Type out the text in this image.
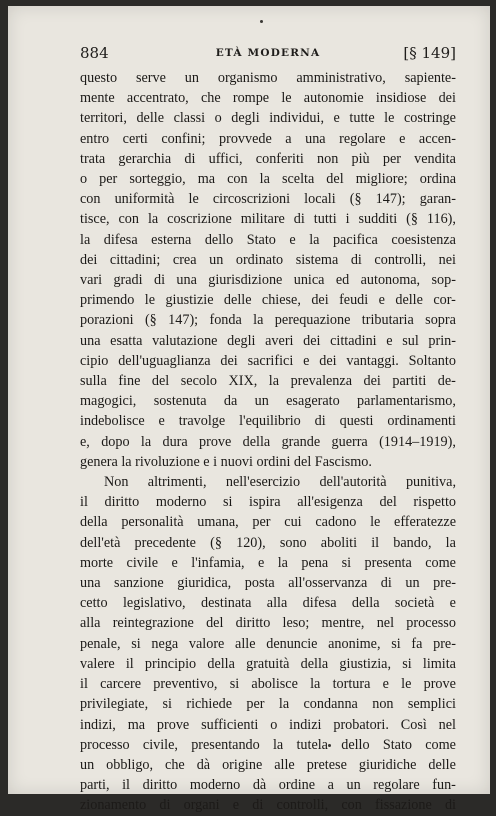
884	ETÀ MODERNA	[§ 149]
questo serve un organismo amministrativo, sapiente-
mente accentrato, che rompe le autonomie insidiose dei
territori, delle classi o degli individui, e tutte le costringe
entro certi confini; provvede a una regolare e accen-
trata gerarchia di uffici, conferiti non più per vendita
o per sorteggio, ma con la scelta del migliore; ordina
con uniformità le circoscrizioni locali (§ 147); garan-
tisce, con la coscrizione militare di tutti i sudditi (§ 116),
la difesa esterna dello Stato e la pacifica coesistenza
dei cittadini; crea un ordinato sistema di controlli, nei
vari gradi di una giurisdizione unica ed autonoma, sop-
primendo le giustizie delle chiese, dei feudi e delle cor-
porazioni (§ 147); fonda la perequazione tributaria sopra
una esatta valutazione degli averi dei cittadini e sul prin-
cipio dell'uguaglianza dei sacrifici e dei vantaggi. Soltanto
sulla fine del secolo XIX, la prevalenza dei partiti de-
magogici, sostenuta da un esagerato parlamentarismo,
indebolisce e travolge l'equilibrio di questi ordinamenti
e, dopo la dura prove della grande guerra (1914–1919),
genera la rivoluzione e i nuovi ordini del Fascismo.
Non altrimenti, nell'esercizio dell'autorità punitiva,
il diritto moderno si ispira all'esigenza del rispetto
della personalità umana, per cui cadono le efferatezze
dell'età precedente (§ 120), sono aboliti il bando, la
morte civile e l'infamia, e la pena si presenta come
una sanzione giuridica, posta all'osservanza di un pre-
cetto legislativo, destinata alla difesa della società e
alla reintegrazione del diritto leso; mentre, nel processo
penale, si nega valore alle denuncie anonime, si fa pre-
valere il principio della gratuità della giustizia, si limita
il carcere preventivo, si abolisce la tortura e le prove
privilegiate, si richiede per la condanna non semplici
indizi, ma prove sufficienti o indizi probatori. Così nel
processo civile, presentando la tutela dello Stato come
un obbligo, che dà origine alle pretese giuridiche delle
parti, il diritto moderno dà ordine a un regolare fun-
zionamento di organi e di controlli, con fissazione di
